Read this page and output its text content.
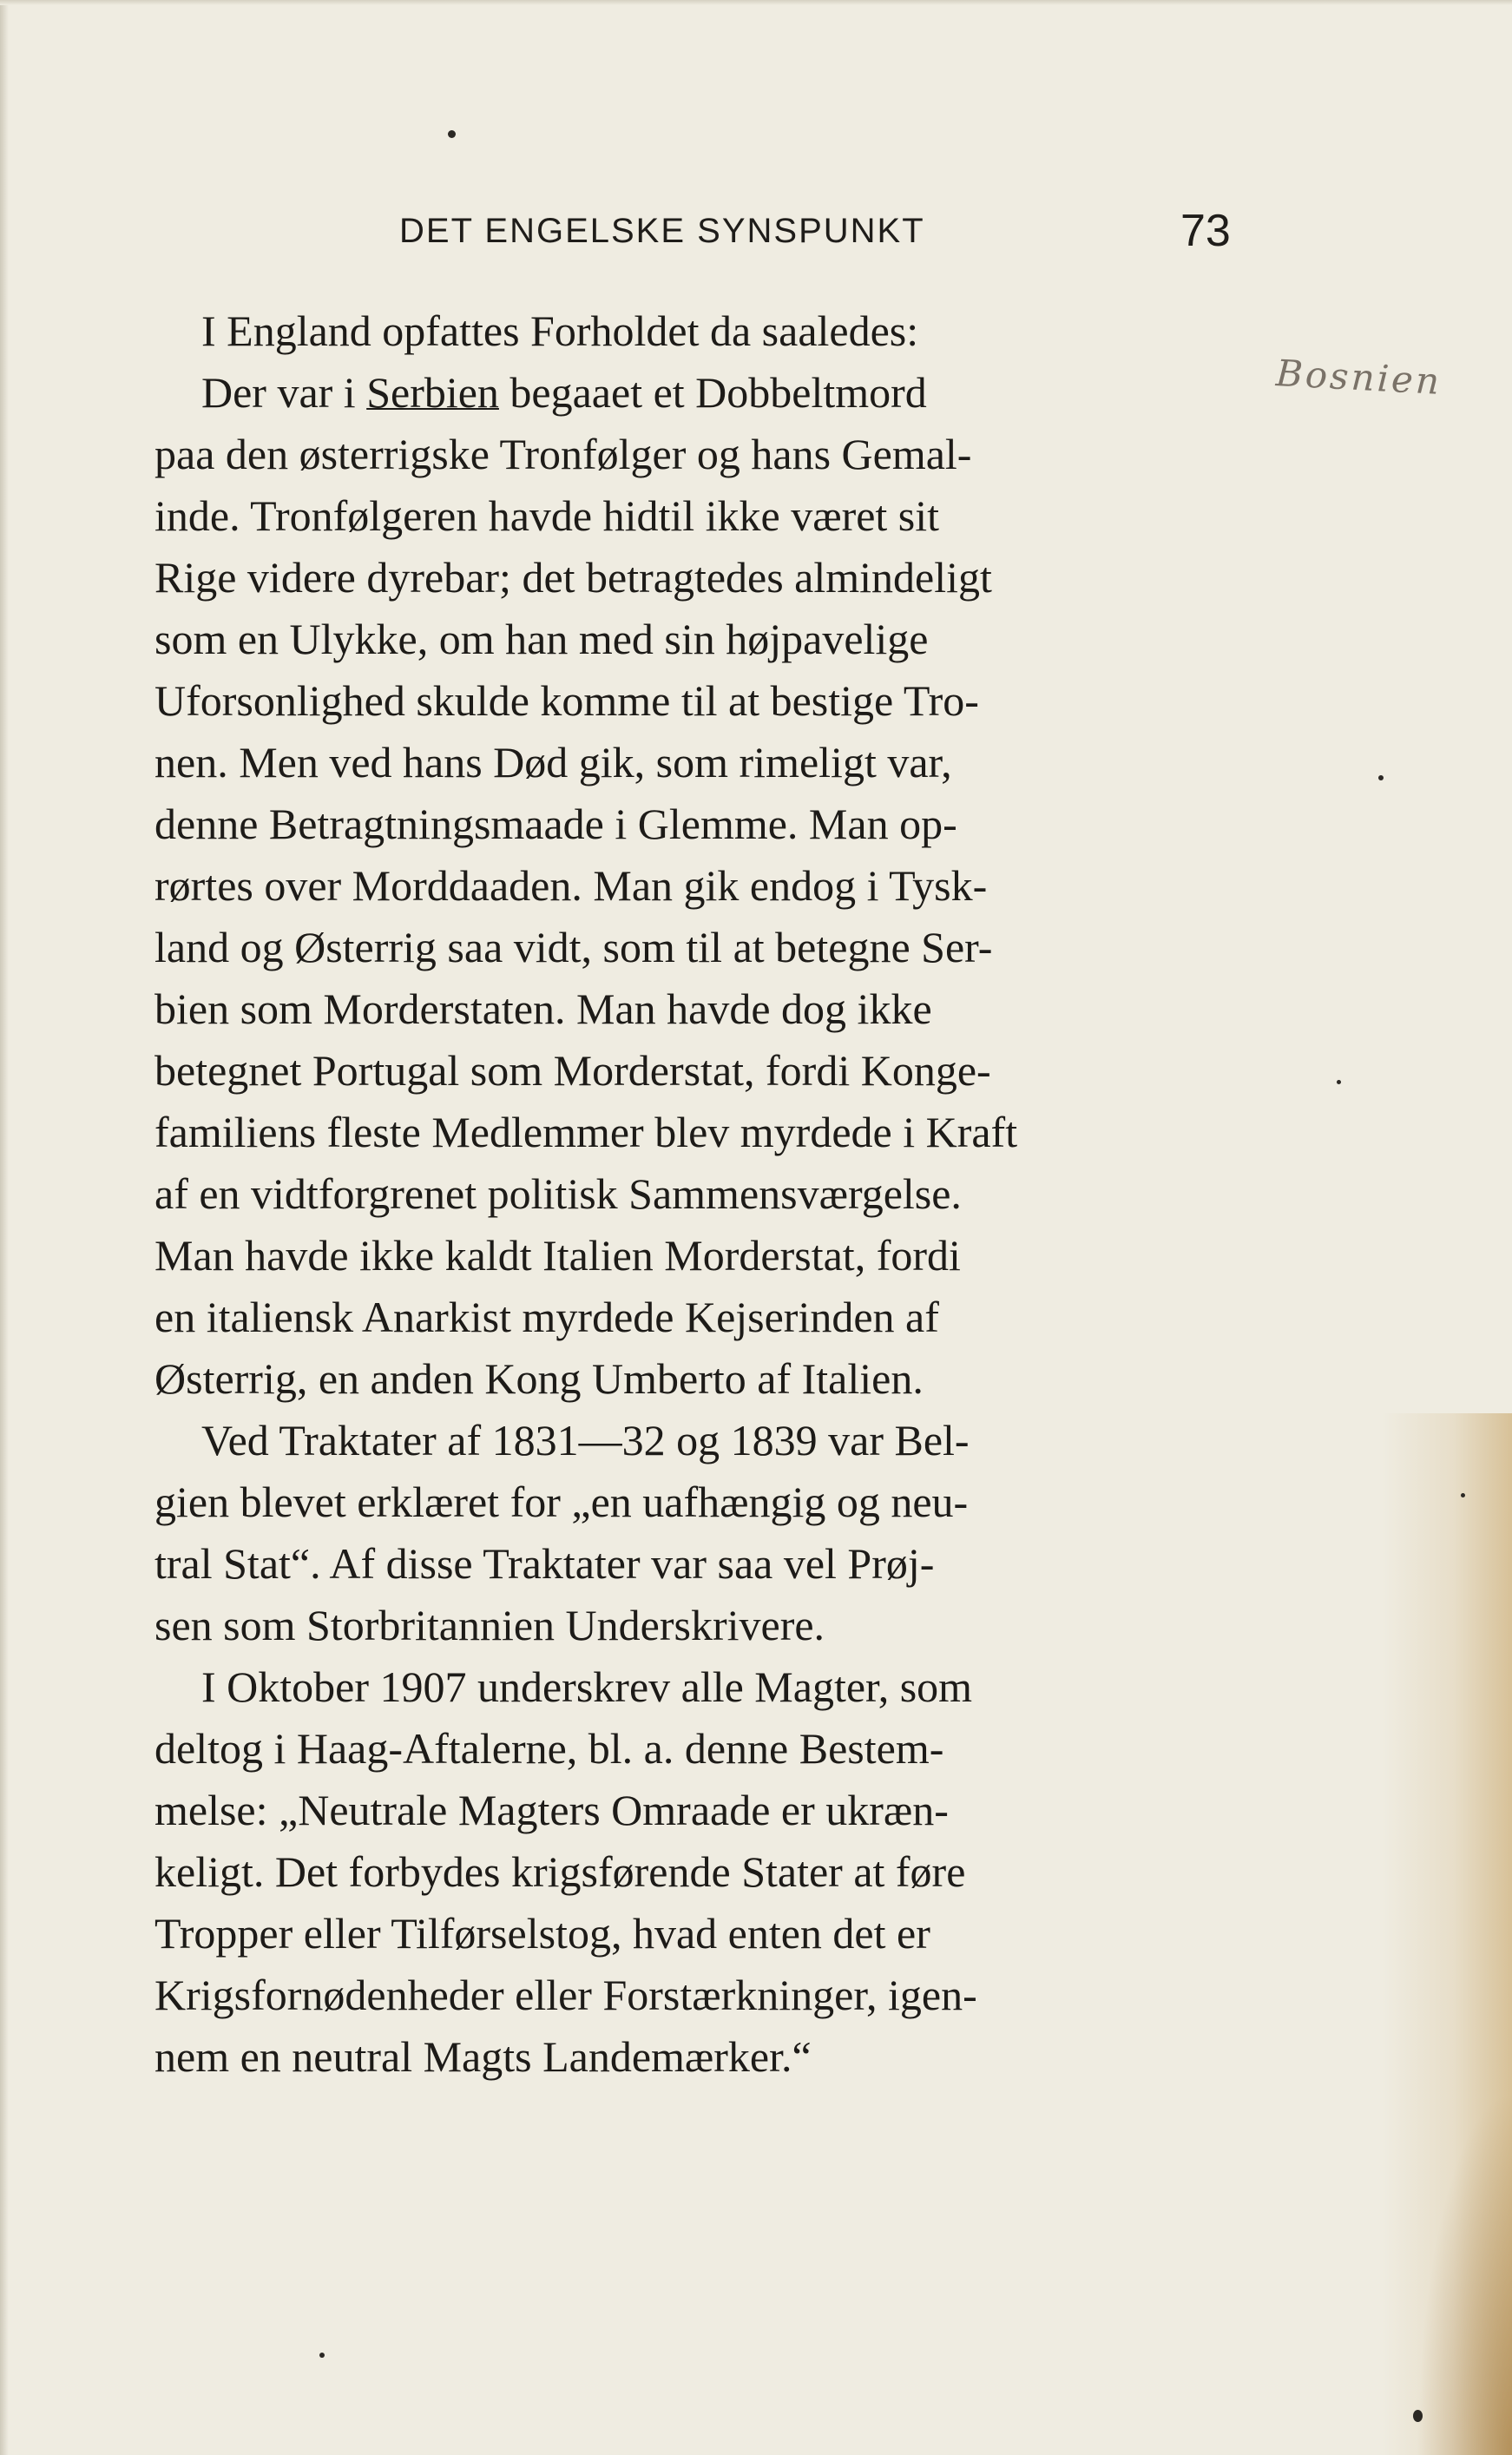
DET ENGELSKE SYNSPUNKT	73
Bosnien
I England opfattes Forholdet da saaledes:
Der var i Serbien begaaet et Dobbeltmord
paa den østerrigske Tronfølger og hans Gemal-
inde. Tronfølgeren havde hidtil ikke været sit
Rige videre dyrebar; det betragtedes almindeligt
som en Ulykke, om han med sin højpavelige
Uforsonlighed skulde komme til at bestige Tro-
nen. Men ved hans Død gik, som rimeligt var,
denne Betragtningsmaade i Glemme. Man op-
rørtes over Morddaaden. Man gik endog i Tysk-
land og Østerrig saa vidt, som til at betegne Ser-
bien som Morderstaten. Man havde dog ikke
betegnet Portugal som Morderstat, fordi Konge-
familiens fleste Medlemmer blev myrdede i Kraft
af en vidtforgrenet politisk Sammensværgelse.
Man havde ikke kaldt Italien Morderstat, fordi
en italiensk Anarkist myrdede Kejserinden af
Østerrig, en anden Kong Umberto af Italien.
Ved Traktater af 1831—32 og 1839 var Bel-
gien blevet erklæret for „en uafhængig og neu-
tral Stat“. Af disse Traktater var saa vel Prøj-
sen som Storbritannien Underskrivere.
I Oktober 1907 underskrev alle Magter, som
deltog i Haag-Aftalerne, bl. a. denne Bestem-
melse: „Neutrale Magters Omraade er ukræn-
keligt. Det forbydes krigsførende Stater at føre
Tropper eller Tilførselstog, hvad enten det er
Krigsfornødenheder eller Forstærkninger, igen-
nem en neutral Magts Landemærker.“
